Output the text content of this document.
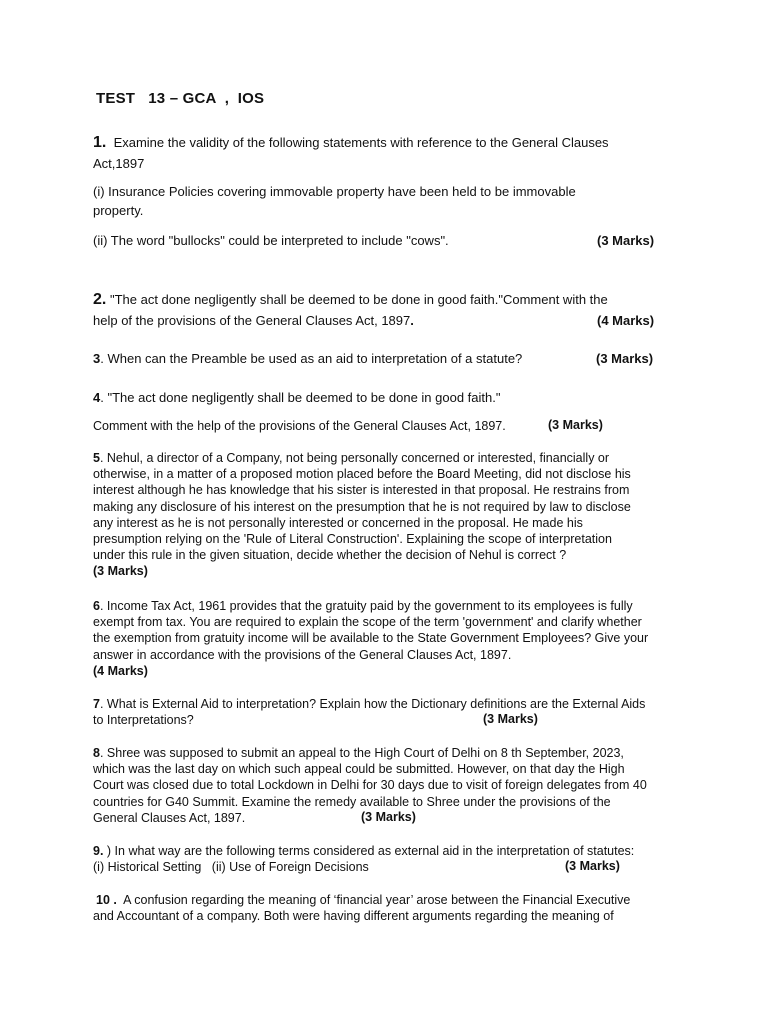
TEST   13 – GCA  ,  IOS
1.  Examine the validity of the following statements with reference to the General Clauses
Act,1897
(i) Insurance Policies covering immovable property have been held to be immovable
property.
(ii) The word "bullocks" could be interpreted to include "cows".	(3 Marks)
2. "The act done negligently shall be deemed to be done in good faith."Comment with the
help of the provisions of the General Clauses Act, 1897.	(4 Marks)
3. When can the Preamble be used as an aid to interpretation of a statute?	(3 Marks)
4. "The act done negligently shall be deemed to be done in good faith."
Comment with the help of the provisions of the General Clauses Act, 1897.	(3 Marks)
5. Nehul, a director of a Company, not being personally concerned or interested, financially or
otherwise, in a matter of a proposed motion placed before the Board Meeting, did not disclose his
interest although he has knowledge that his sister is interested in that proposal. He restrains from
making any disclosure of his interest on the presumption that he is not required by law to disclose
any interest as he is not personally interested or concerned in the proposal. He made his
presumption relying on the 'Rule of Literal Construction'. Explaining the scope of interpretation
under this rule in the given situation, decide whether the decision of Nehul is correct ?
(3 Marks)
6. Income Tax Act, 1961 provides that the gratuity paid by the government to its employees is fully
exempt from tax. You are required to explain the scope of the term 'government' and clarify whether
the exemption from gratuity income will be available to the State Government Employees? Give your
answer in accordance with the provisions of the General Clauses Act, 1897.
(4 Marks)
7. What is External Aid to interpretation? Explain how the Dictionary definitions are the External Aids
to Interpretations?	(3 Marks)
8. Shree was supposed to submit an appeal to the High Court of Delhi on 8 th September, 2023,
which was the last day on which such appeal could be submitted. However, on that day the High
Court was closed due to total Lockdown in Delhi for 30 days due to visit of foreign delegates from 40
countries for G40 Summit. Examine the remedy available to Shree under the provisions of the
General Clauses Act, 1897.	(3 Marks)
9. ) In what way are the following terms considered as external aid in the interpretation of statutes:
(i) Historical Setting   (ii) Use of Foreign Decisions	(3 Marks)
10 .  A confusion regarding the meaning of ‘financial year’ arose between the Financial Executive
and Accountant of a company. Both were having different arguments regarding the meaning of
